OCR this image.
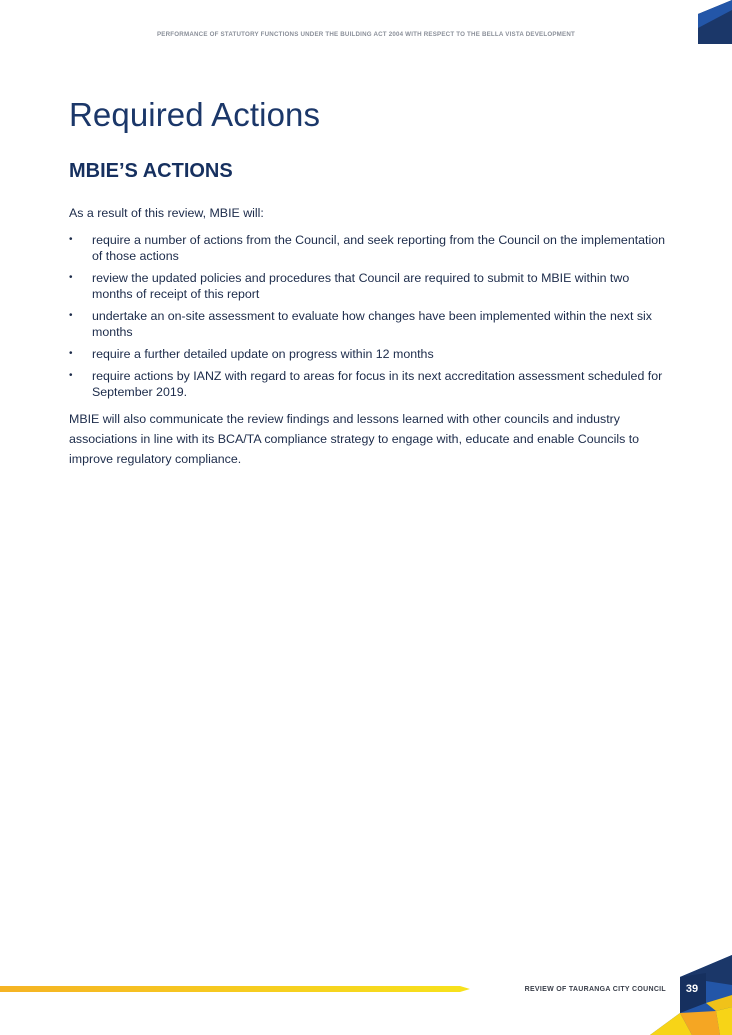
PERFORMANCE OF STATUTORY FUNCTIONS UNDER THE BUILDING ACT 2004 WITH RESPECT TO THE BELLA VISTA DEVELOPMENT
Required Actions
MBIE’S ACTIONS

As a result of this review, MBIE will:

• require a number of actions from the Council, and seek reporting from the Council on the implementation of those actions
• review the updated policies and procedures that Council are required to submit to MBIE within two months of receipt of this report
• undertake an on-site assessment to evaluate how changes have been implemented within the next six months
• require a further detailed update on progress within 12 months
• require actions by IANZ with regard to areas for focus in its next accreditation assessment scheduled for September 2019.

MBIE will also communicate the review findings and lessons learned with other councils and industry associations in line with its BCA/TA compliance strategy to engage with, educate and enable Councils to improve regulatory compliance.

REVIEW OF TAURANGA CITY COUNCIL	39
